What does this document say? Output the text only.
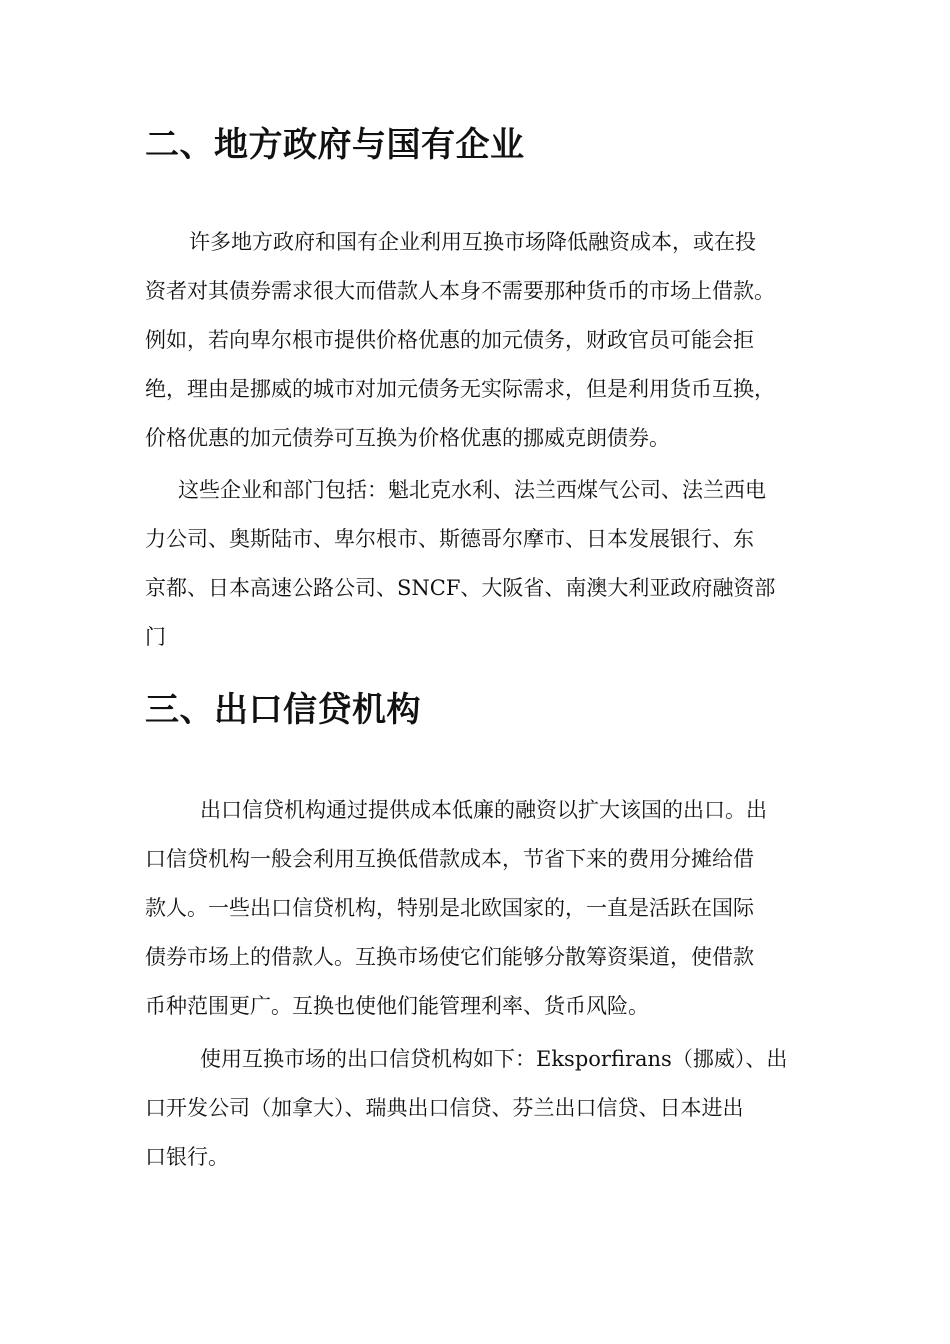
二、地方政府与国有企业
许多地方政府和国有企业利用互换市场降低融资成本，或在投
资者对其债券需求很大而借款人本身不需要那种货币的市场上借款。
例如，若向卑尔根市提供价格优惠的加元债务，财政官员可能会拒
绝，理由是挪威的城市对加元债务无实际需求，但是利用货币互换，
价格优惠的加元债券可互换为价格优惠的挪威克朗债券。
这些企业和部门包括：魁北克水利、法兰西煤气公司、法兰西电
力公司、奥斯陆市、卑尔根市、斯德哥尔摩市、日本发展银行、东
京都、日本高速公路公司、SNCF、大阪省、南澳大利亚政府融资部
门
三、出口信贷机构
出口信贷机构通过提供成本低廉的融资以扩大该国的出口。出
口信贷机构一般会利用互换低借款成本，节省下来的费用分摊给借
款人。一些出口信贷机构，特别是北欧国家的，一直是活跃在国际
债券市场上的借款人。互换市场使它们能够分散筹资渠道，使借款
币种范围更广。互换也使他们能管理利率、货币风险。
使用互换市场的出口信贷机构如下：Eksporfirans（挪威）、出
口开发公司（加拿大）、瑞典出口信贷、芬兰出口信贷、日本进出
口银行。
